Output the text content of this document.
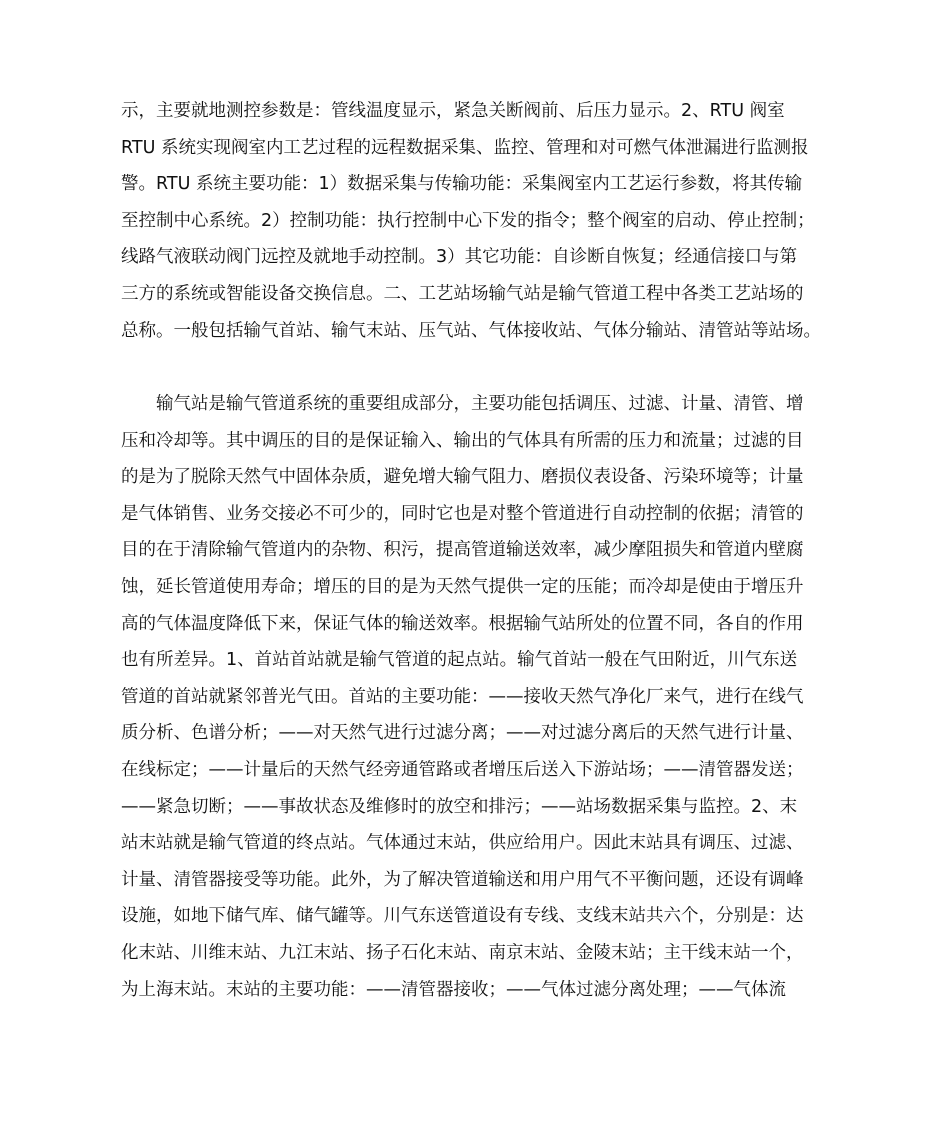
示，主要就地测控参数是：管线温度显示，紧急关断阀前、后压力显示。2、RTU 阀室
RTU 系统实现阀室内工艺过程的远程数据采集、监控、管理和对可燃气体泄漏进行监测报
警。RTU 系统主要功能：1）数据采集与传输功能：采集阀室内工艺运行参数，将其传输
至控制中心系统。2）控制功能：执行控制中心下发的指令；整个阀室的启动、停止控制；
线路气液联动阀门远控及就地手动控制。3）其它功能：自诊断自恢复；经通信接口与第
三方的系统或智能设备交换信息。二、工艺站场输气站是输气管道工程中各类工艺站场的
总称。一般包括输气首站、输气末站、压气站、气体接收站、气体分输站、清管站等站场。
输气站是输气管道系统的重要组成部分，主要功能包括调压、过滤、计量、清管、增
压和冷却等。其中调压的目的是保证输入、输出的气体具有所需的压力和流量；过滤的目
的是为了脱除天然气中固体杂质，避免增大输气阻力、磨损仪表设备、污染环境等；计量
是气体销售、业务交接必不可少的，同时它也是对整个管道进行自动控制的依据；清管的
目的在于清除输气管道内的杂物、积污，提高管道输送效率，减少摩阻损失和管道内壁腐
蚀，延长管道使用寿命；增压的目的是为天然气提供一定的压能；而冷却是使由于增压升
高的气体温度降低下来，保证气体的输送效率。根据输气站所处的位置不同，各自的作用
也有所差异。1、首站首站就是输气管道的起点站。输气首站一般在气田附近，川气东送
管道的首站就紧邻普光气田。首站的主要功能：——接收天然气净化厂来气，进行在线气
质分析、色谱分析；——对天然气进行过滤分离；——对过滤分离后的天然气进行计量、
在线标定；——计量后的天然气经旁通管路或者增压后送入下游站场；——清管器发送；
——紧急切断；——事故状态及维修时的放空和排污；——站场数据采集与监控。2、末
站末站就是输气管道的终点站。气体通过末站，供应给用户。因此末站具有调压、过滤、
计量、清管器接受等功能。此外，为了解决管道输送和用户用气不平衡问题，还设有调峰
设施，如地下储气库、储气罐等。川气东送管道设有专线、支线末站共六个，分别是：达
化末站、川维末站、九江末站、扬子石化末站、南京末站、金陵末站；主干线末站一个，
为上海末站。末站的主要功能：——清管器接收；——气体过滤分离处理；——气体流
